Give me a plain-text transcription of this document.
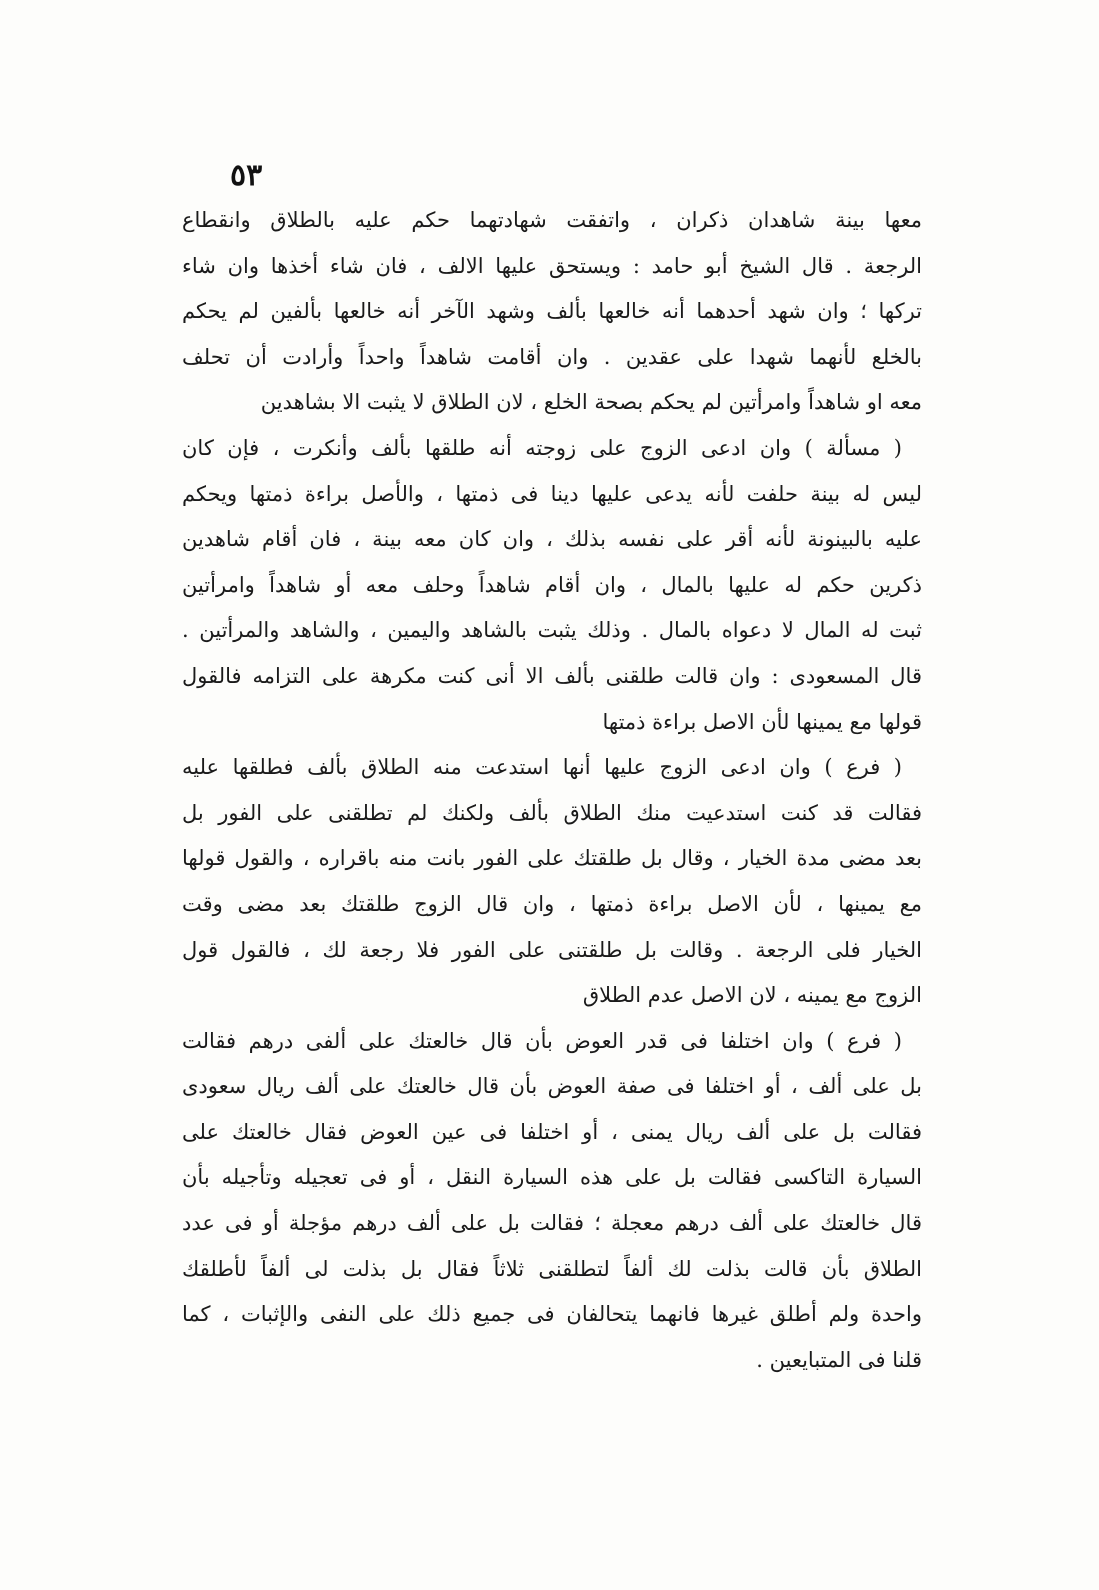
٥٣
معها بينة شاهدان ذكران ، واتفقت شهادتهما حكم عليه بالطلاق وانقطاع
الرجعة . قال الشيخ أبو حامد : ويستحق عليها الالف ، فان شاء أخذها وان شاء
تركها ؛ وان شهد أحدهما أنه خالعها بألف وشهد الآخر أنه خالعها بألفين لم يحكم
بالخلع لأنهما شهدا على عقدين . وان أقامت شاهداً واحداً وأرادت أن تحلف
معه او شاهداً وامرأتين لم يحكم بصحة الخلع ، لان الطلاق لا يثبت الا بشاهدين
( مسألة ) وان ادعى الزوج على زوجته أنه طلقها بألف وأنكرت ، فإن كان
ليس له بينة حلفت لأنه يدعى عليها دينا فى ذمتها ، والأصل براءة ذمتها ويحكم
عليه بالبينونة لأنه أقر على نفسه بذلك ، وان كان معه بينة ، فان أقام شاهدين
ذكرين حكم له عليها بالمال ، وان أقام شاهداً وحلف معه أو شاهداً وامرأتين
ثبت له المال لا دعواه بالمال . وذلك يثبت بالشاهد واليمين ، والشاهد والمرأتين .
قال المسعودى : وان قالت طلقنى بألف الا أنى كنت مكرهة على التزامه فالقول
قولها مع يمينها لأن الاصل براءة ذمتها
( فرع ) وان ادعى الزوج عليها أنها استدعت منه الطلاق بألف فطلقها عليه
فقالت قد كنت استدعيت منك الطلاق بألف ولكنك لم تطلقنى على الفور بل
بعد مضى مدة الخيار ، وقال بل طلقتك على الفور بانت منه باقراره ، والقول قولها
مع يمينها ، لأن الاصل براءة ذمتها ، وان قال الزوج طلقتك بعد مضى وقت
الخيار فلى الرجعة . وقالت بل طلقتنى على الفور فلا رجعة لك ، فالقول قول
الزوج مع يمينه ، لان الاصل عدم الطلاق
( فرع ) وان اختلفا فى قدر العوض بأن قال خالعتك على ألفى درهم فقالت
بل على ألف ، أو اختلفا فى صفة العوض بأن قال خالعتك على ألف ريال سعودى
فقالت بل على ألف ريال يمنى ، أو اختلفا فى عين العوض فقال خالعتك على
السيارة التاكسى فقالت بل على هذه السيارة النقل ، أو فى تعجيله وتأجيله بأن
قال خالعتك على ألف درهم معجلة ؛ فقالت بل على ألف درهم مؤجلة أو فى عدد
الطلاق بأن قالت بذلت لك ألفاً لتطلقنى ثلاثاً فقال بل بذلت لى ألفاً لأطلقك
واحدة ولم أطلق غيرها فانهما يتحالفان فى جميع ذلك على النفى والإثبات ، كما
قلنا فى المتبايعين .
